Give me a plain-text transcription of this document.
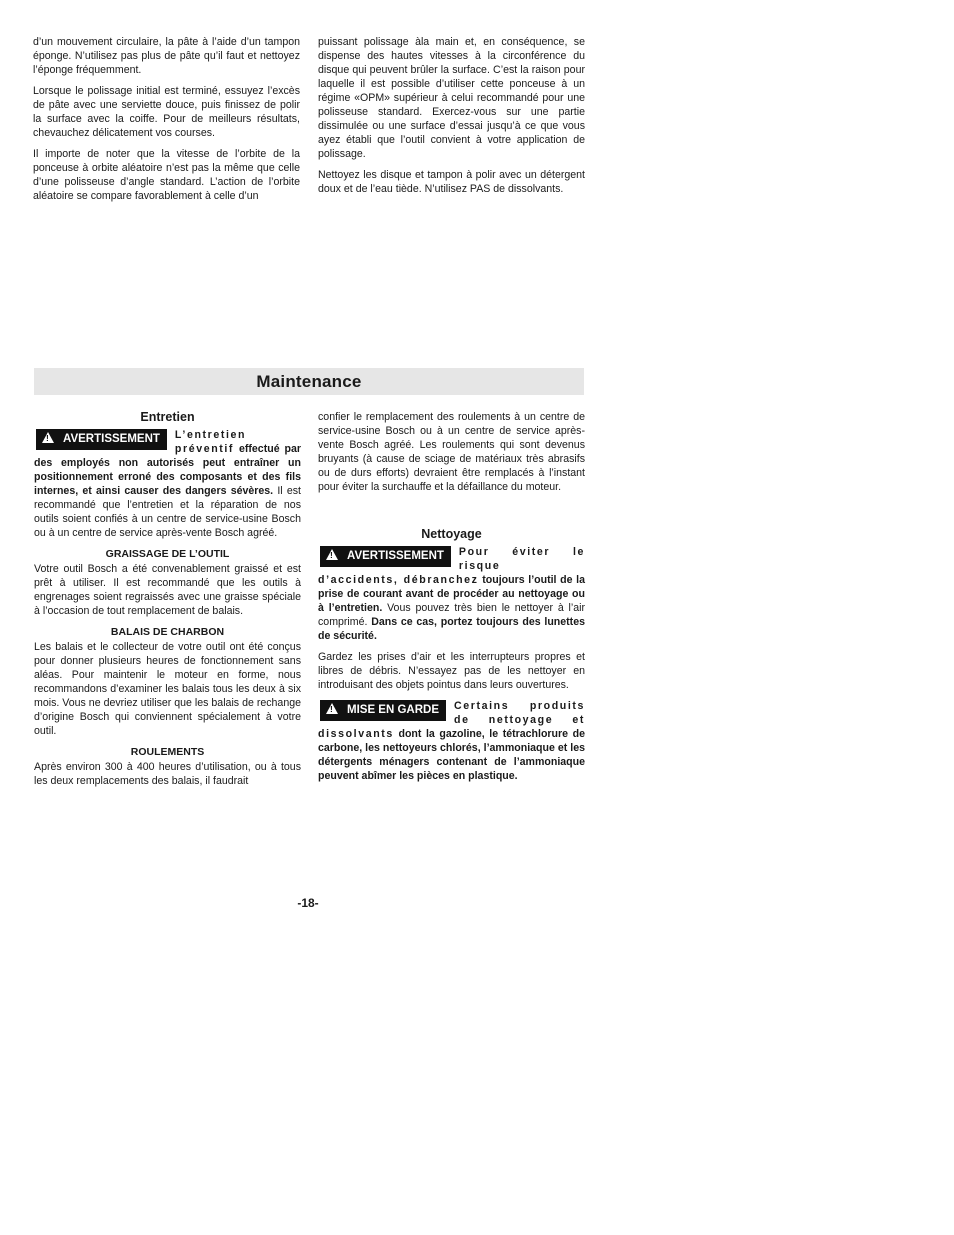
d’un mouvement circulaire, la pâte à l’aide d’un tampon éponge. N’utilisez pas plus de pâte qu’il faut et nettoyez l’éponge fréquemment.

Lorsque le polissage initial est terminé, essuyez l’excès de pâte avec une serviette douce, puis finissez de polir la surface avec la coiffe. Pour de meilleurs résultats, chevauchez délicatement vos courses.

Il importe de noter que la vitesse de l’orbite de la ponceuse à orbite aléatoire n’est pas la même que celle d’une polisseuse d’angle standard. L’action de l’orbite aléatoire se compare favorablement à celle d’un

puissant polissage àla main et, en conséquence, se dispense des hautes vitesses à la circonférence du disque qui peuvent brûler la surface. C’est la raison pour laquelle il est possible d’utiliser cette ponceuse à un régime «OPM» supérieur à celui recommandé pour une polisseuse standard. Exercez-vous sur une partie dissimulée ou une surface d’essai jusqu’à ce que vous ayez établi que l’outil convient à votre application de polissage.

Nettoyez les disque et tampon à polir avec un détergent doux et de l’eau tiède. N’utilisez PAS de dissolvants.

Maintenance
Entretien
!AVERTISSEMENT	L’entretien préventif effectué par des employés non autorisés peut entraîner un positionnement erroné des composants et des fils internes, et ainsi causer des dangers sévères. Il est recommandé que l’entretien et la réparation de nos outils soient confiés à un centre de service-usine Bosch ou à un centre de service après-vente Bosch agréé.
GRAISSAGE DE L’OUTIL

Votre outil Bosch a été convenablement graissé et est prêt à utiliser. Il est recommandé que les outils à engrenages soient regraissés avec une graisse spéciale à l’occasion de tout remplacement de balais.

BALAIS DE CHARBON

Les balais et le collecteur de votre outil ont été conçus pour donner plusieurs heures de fonctionnement sans aléas. Pour maintenir le moteur en forme, nous recommandons d’examiner les balais tous les deux à six mois. Vous ne devriez utiliser que les balais de rechange d’origine Bosch qui conviennent spécialement à votre outil.

ROULEMENTS

Après environ 300 à 400 heures d’utilisation, ou à tous les deux remplacements des balais, il faudrait

confier le remplacement des roulements à un centre de service-usine Bosch ou à un centre de service après-vente Bosch agréé. Les roulements qui sont devenus bruyants (à cause de sciage de matériaux très abrasifs ou de durs efforts) devraient être remplacés à l’instant pour éviter la surchauffe et la défaillance du moteur.

Nettoyage
!AVERTISSEMENT	Pour éviter le risque d’accidents, débranchez toujours l’outil de la prise de courant avant de procéder au nettoyage ou à l’entretien. Vous pouvez très bien le nettoyer à l’air comprimé. Dans ce cas, portez toujours des lunettes de sécurité.

Gardez les prises d’air et les interrupteurs propres et libres de débris. N’essayez pas de les nettoyer en introduisant des objets pointus dans leurs ouvertures.

!MISE EN GARDE	Certains produits de nettoyage et dissolvants dont la gazoline, le tétrachlorure de carbone, les nettoyeurs chlorés, l’ammoniaque et les détergents ménagers contenant de l’ammoniaque peuvent abîmer les pièces en plastique.
-18-
